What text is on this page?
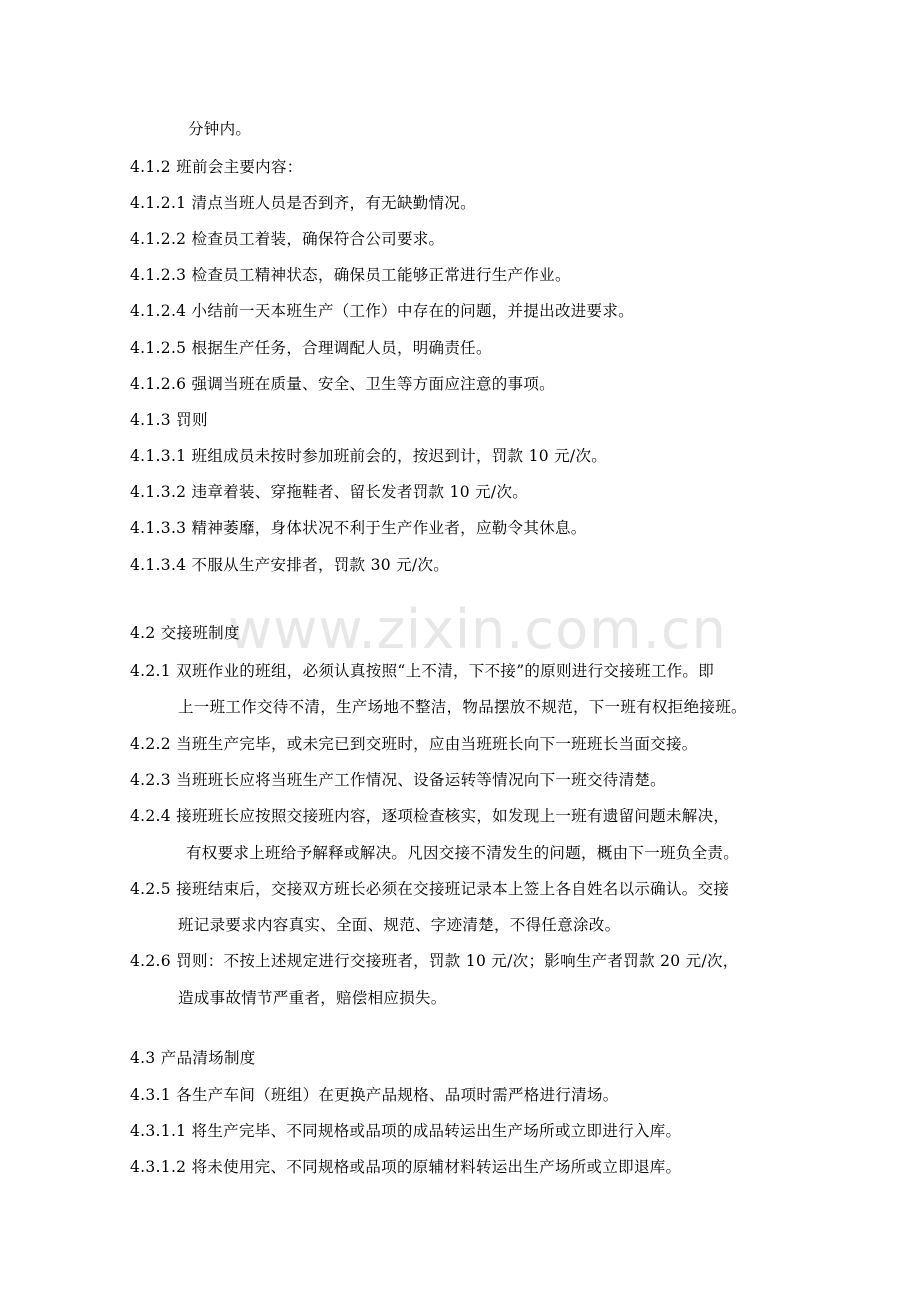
www.zixin.com.cn
分钟内。
4.1.2 班前会主要内容：
4.1.2.1 清点当班人员是否到齐，有无缺勤情况。
4.1.2.2 检查员工着装，确保符合公司要求。
4.1.2.3 检查员工精神状态，确保员工能够正常进行生产作业。
4.1.2.4 小结前一天本班生产（工作）中存在的问题，并提出改进要求。
4.1.2.5 根据生产任务，合理调配人员，明确责任。
4.1.2.6 强调当班在质量、安全、卫生等方面应注意的事项。
4.1.3 罚则
4.1.3.1 班组成员未按时参加班前会的，按迟到计，罚款 10 元/次。
4.1.3.2 违章着装、穿拖鞋者、留长发者罚款 10 元/次。
4.1.3.3 精神萎靡，身体状况不利于生产作业者，应勒令其休息。
4.1.3.4 不服从生产安排者，罚款 30 元/次。
4.2 交接班制度
4.2.1 双班作业的班组，必须认真按照“上不清，下不接”的原则进行交接班工作。即
上一班工作交待不清，生产场地不整洁，物品摆放不规范，下一班有权拒绝接班。
4.2.2 当班生产完毕，或未完已到交班时，应由当班班长向下一班班长当面交接。
4.2.3 当班班长应将当班生产工作情况、设备运转等情况向下一班交待清楚。
4.2.4 接班班长应按照交接班内容，逐项检查核实，如发现上一班有遗留问题未解决，
有权要求上班给予解释或解决。凡因交接不清发生的问题，概由下一班负全责。
4.2.5 接班结束后，交接双方班长必须在交接班记录本上签上各自姓名以示确认。交接
班记录要求内容真实、全面、规范、字迹清楚，不得任意涂改。
4.2.6 罚则：不按上述规定进行交接班者，罚款 10 元/次；影响生产者罚款 20 元/次，
造成事故情节严重者，赔偿相应损失。
4.3 产品清场制度
4.3.1 各生产车间（班组）在更换产品规格、品项时需严格进行清场。
4.3.1.1 将生产完毕、不同规格或品项的成品转运出生产场所或立即进行入库。
4.3.1.2 将未使用完、不同规格或品项的原辅材料转运出生产场所或立即退库。
